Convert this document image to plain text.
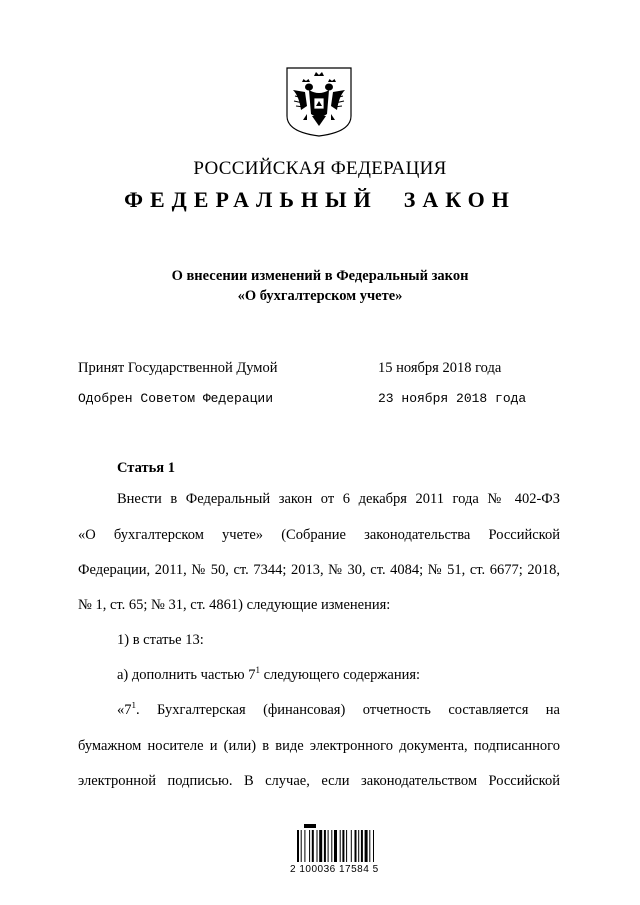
РОССИЙСКАЯ ФЕДЕРАЦИЯ
ФЕДЕРАЛЬНЫЙ ЗАКОН
О внесении изменений в Федеральный закон
«О бухгалтерском учете»
Принят Государственной Думой	15 ноября 2018 года
Одобрен Советом Федерации	23 ноября 2018 года
Статья 1
Внести в Федеральный закон от 6 декабря 2011 года № 402-ФЗ
«О бухгалтерском учете» (Собрание законодательства Российской
Федерации, 2011, № 50, ст. 7344; 2013, № 30, ст. 4084; № 51, ст. 6677; 2018,
№ 1, ст. 65; № 31, ст. 4861) следующие изменения:
1) в статье 13:
а) дополнить частью $7^1$ следующего содержания:
«$7^1$. Бухгалтерская (финансовая) отчетность составляется на
бумажном носителе и (или) в виде электронного документа, подписанного
электронной подписью. В случае, если законодательством Российской
2 100036 17584 5
